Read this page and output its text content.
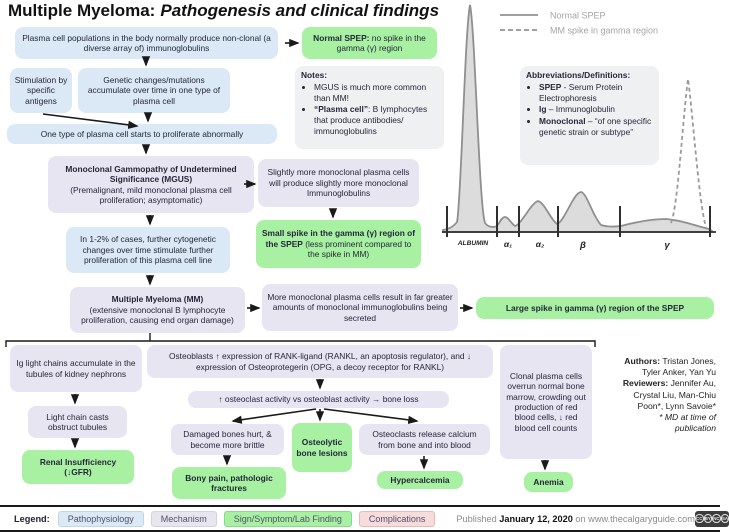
Multiple Myeloma: Pathogenesis and clinical findings	Normal SPEP
MM spike in gamma region
ALBUMIN α₁	α₂	β	γ
Plasma cell populations in the body normally produce non-clonal (a diverse array of) immunoglobulins
Normal SPEP: no spike in the gamma (γ) region
Stimulation by specific antigens
Genetic changes/mutations accumulate over time in one type of plasma cell
Notes:
• MGUS is much more common than MM!
• “Plasma cell”: B lymphocytes that produce antibodies/ immunoglobulins
Abbreviations/Definitions:
• SPEP - Serum Protein Electrophoresis
• Ig – Immunoglobulin
• Monoclonal – “of one specific genetic strain or subtype”
One type of plasma cell starts to proliferate abnormally
Monoclonal Gammopathy of Undetermined Significance (MGUS)
(Premalignant, mild monoclonal plasma cell proliferation; asymptomatic)
Slightly more monoclonal plasma cells will produce slightly more monoclonal Immunoglobulins
In 1-2% of cases, further cytogenetic changes over time stimulate further proliferation of this plasma cell line
Small spike in the gamma (γ) region of the SPEP (less prominent compared to the spike in MM)
Multiple Myeloma (MM)
(extensive monoclonal B lymphocyte proliferation, causing end organ damage)
More monoclonal plasma cells result in far greater amounts of monoclonal immunoglobulins being secreted
Large spike in gamma (γ) region of the SPEP
Ig light chains accumulate in the tubules of kidney nephrons
Osteoblasts ↑ expression of RANK-ligand (RANKL, an apoptosis regulator), and ↓ expression of Osteoprotegerin (OPG, a decoy receptor for RANKL)
Clonal plasma cells overrun normal bone marrow, crowding out production of red blood cells, ↓ red blood cell counts
Light chain casts obstruct tubules
↑ osteoclast activity vs osteoblast activity → bone loss
Renal Insufficiency (↓GFR)
Damaged bones hurt, & become more brittle	Osteolytic bone lesions
Osteoclasts release calcium from bone and into blood
Bony pain, pathologic fractures
Hypercalcemia	Anemia
Authors: Tristan Jones, Tyler Anker, Yan Yu
Reviewers: Jennifer Au, Crystal Liu, Man-Chiu Poon*, Lynn Savoie*
* MD at time of publication
Legend:	Pathophysiology	Mechanism	Sign/Symptom/Lab Finding	Complications	Published January 12, 2020 on www.thecalgaryguide.com CC BY NC SA
